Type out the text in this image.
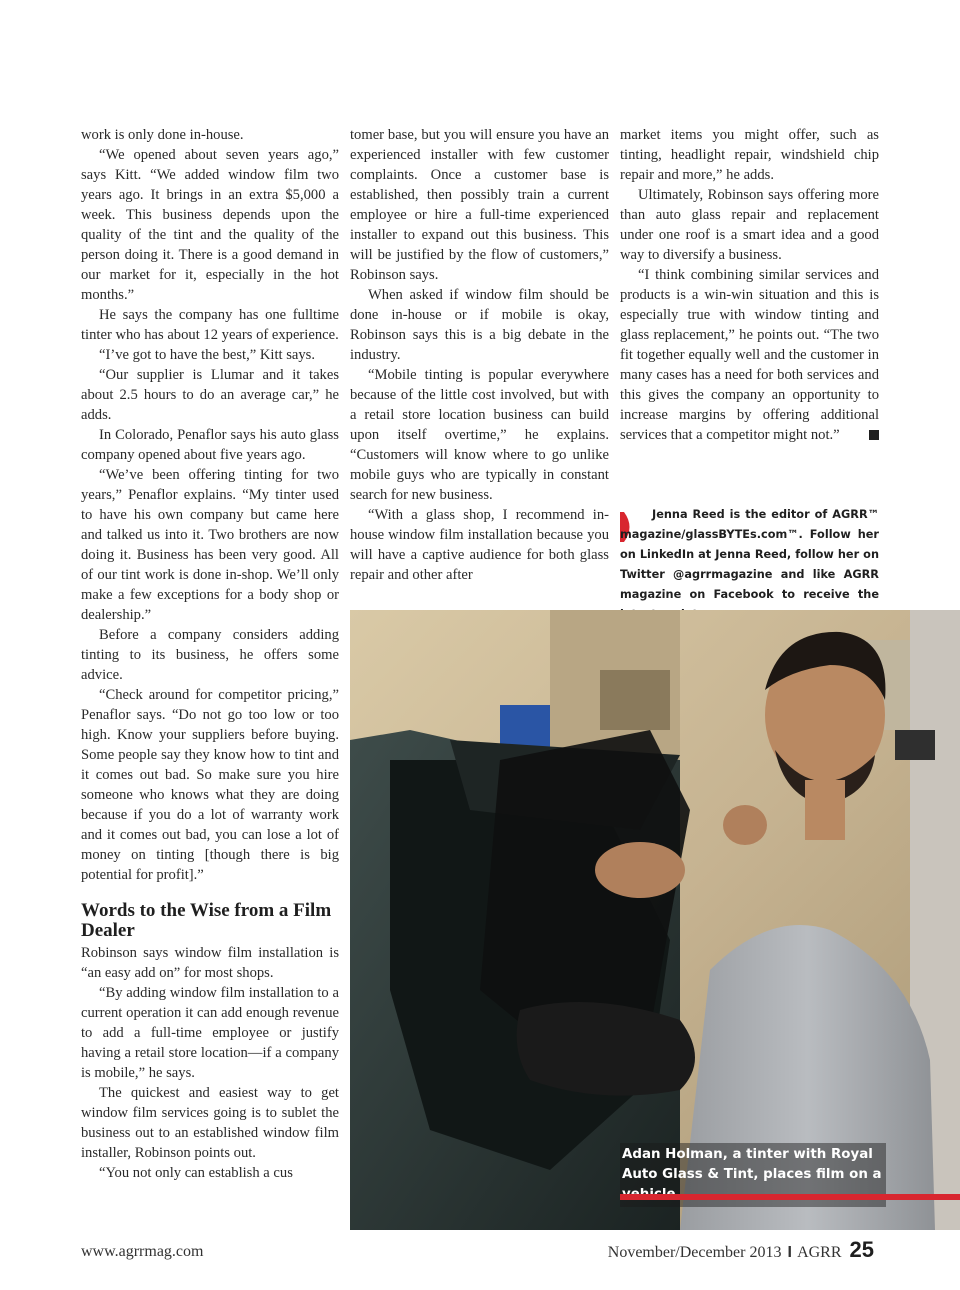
work is only done in-house.

“We opened about seven years ago,” says Kitt. “We added window film two years ago. It brings in an extra $5,000 a week. This business depends upon the quality of the tint and the quality of the person doing it. There is a good demand in our market for it, especially in the hot months.”

He says the company has one fulltime tinter who has about 12 years of experience.

“I’ve got to have the best,” Kitt says.

“Our supplier is Llumar and it takes about 2.5 hours to do an average car,” he adds.

In Colorado, Penaflor says his auto glass company opened about five years ago.

“We’ve been offering tinting for two years,” Penaflor explains. “My tinter used to have his own company but came here and talked us into it. Two brothers are now doing it. Business has been very good. All of our tint work is done in-shop. We’ll only make a few exceptions for a body shop or dealership.”

Before a company considers adding tinting to its business, he offers some advice.

“Check around for competitor pricing,” Penaflor says. “Do not go too low or too high. Know your suppliers before buying. Some people say they know how to tint and it comes out bad. So make sure you hire someone who knows what they are doing because if you do a lot of warranty work and it comes out bad, you can lose a lot of money on tinting [though there is big potential for profit].”

Words to the Wise from a Film Dealer

Robinson says window film installation is “an easy add on” for most shops.

“By adding window film installation to a current operation it can add enough revenue to add a full-time employee or justify having a retail store location—if a company is mobile,” he says.

The quickest and easiest way to get window film services going is to sublet the business out to an established window film installer, Robinson points out.

“You not only can establish a cus

tomer base, but you will ensure you have an experienced installer with few customer complaints. Once a customer base is established, then possibly train a current employee or hire a full-time experienced installer to expand out this business. This will be justified by the flow of customers,” Robinson says.

When asked if window film should be done in-house or if mobile is okay, Robinson says this is a big debate in the industry.

“Mobile tinting is popular everywhere because of the little cost involved, but with a retail store location business can build upon itself overtime,” he explains. “Customers will know where to go unlike mobile guys who are typically in constant search for new business.

“With a glass shop, I recommend inhouse window film installation because you will have a captive audience for both glass repair and other after

market items you might offer, such as tinting, headlight repair, windshield chip repair and more,” he adds.

Ultimately, Robinson says offering more than auto glass repair and replacement under one roof is a smart idea and a good way to diversify a business.

“I think combining similar services and products is a win-win situation and this is especially true with window tinting and glass replacement,” he points out. “The two fit together equally well and the customer in many cases has a need for both services and this gives the company an opportunity to increase margins by offering additional services that a competitor might not.”

Jenna Reed is the editor of AGRR™ magazine/glassBYTEs.com™. Follow her on LinkedIn at Jenna Reed, follow her on Twitter @agrrmagazine and like AGRR magazine on Facebook to receive the

Adan Holman, a tinter with Royal Auto Glass & Tint, places film on a
www.agrrmag.com	November/December 2013 I AGRR 25
